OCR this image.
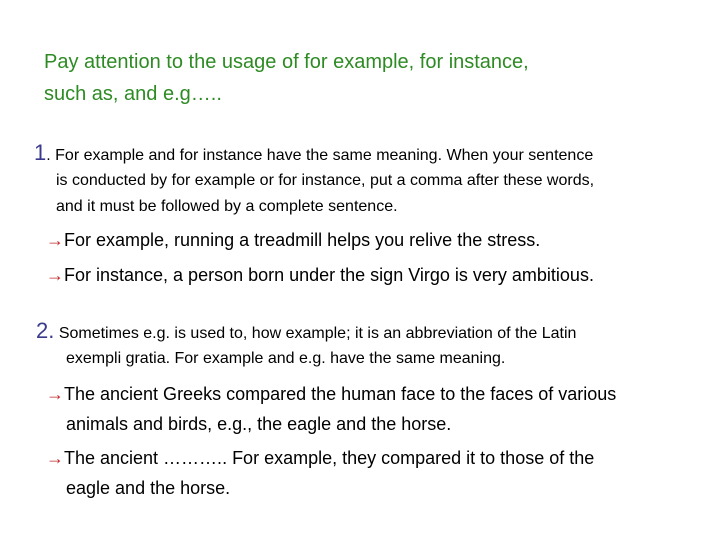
Pay attention to the usage of for example, for instance,
such as, and e.g…..
1. For example and for instance have the same meaning. When your sentence
is conducted by for example or for instance, put a comma after these words,
and it must be followed by a complete sentence.
→For example, running a treadmill helps you relive the stress.
→For instance, a person born under the sign Virgo is very ambitious.
2. Sometimes e.g. is used to, how example; it is an abbreviation of the Latin
exempli gratia. For example and e.g. have the same meaning.
→The ancient Greeks compared the human face to the faces of various
animals and birds, e.g., the eagle and the horse.
→The ancient ……….. For example, they compared it to those of the
eagle and the horse.
